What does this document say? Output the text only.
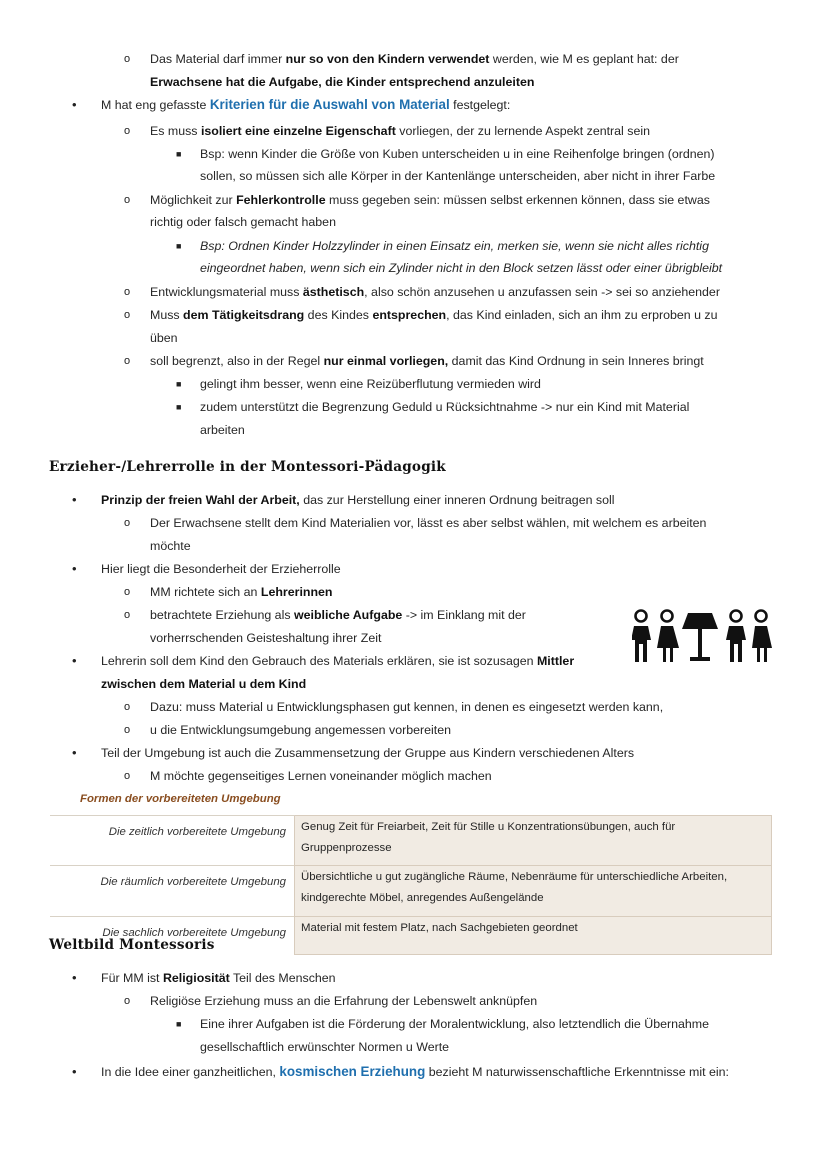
o Das Material darf immer nur so von den Kindern verwendet werden, wie M es geplant hat: der
Erwachsene hat die Aufgabe, die Kinder entsprechend anzuleiten
• M hat eng gefasste Kriterien für die Auswahl von Material festgelegt:
o Es muss isoliert eine einzelne Eigenschaft vorliegen, der zu lernende Aspekt zentral sein
■ Bsp: wenn Kinder die Größe von Kuben unterscheiden u in eine Reihenfolge bringen (ordnen)
sollen, so müssen sich alle Körper in der Kantenlänge unterscheiden, aber nicht in ihrer Farbe
o Möglichkeit zur Fehlerkontrolle muss gegeben sein: müssen selbst erkennen können, dass sie etwas
richtig oder falsch gemacht haben
■ Bsp: Ordnen Kinder Holzzylinder in einen Einsatz ein, merken sie, wenn sie nicht alles richtig
eingeordnet haben, wenn sich ein Zylinder nicht in den Block setzen lässt oder einer übrigbleibt
o Entwicklungsmaterial muss ästhetisch, also schön anzusehen u anzufassen sein -> sei so anziehender
o Muss dem Tätigkeitsdrang des Kindes entsprechen, das Kind einladen, sich an ihm zu erproben u zu
üben
o soll begrenzt, also in der Regel nur einmal vorliegen, damit das Kind Ordnung in sein Inneres bringt
■ gelingt ihm besser, wenn eine Reizüberflutung vermieden wird
■ zudem unterstützt die Begrenzung Geduld u Rücksichtnahme -> nur ein Kind mit Material
arbeiten
Erzieher-/Lehrerrolle in der Montessori-Pädagogik
• Prinzip der freien Wahl der Arbeit, das zur Herstellung einer inneren Ordnung beitragen soll
o Der Erwachsene stellt dem Kind Materialien vor, lässt es aber selbst wählen, mit welchem es arbeiten
möchte
• Hier liegt die Besonderheit der Erzieherrolle
o MM richtete sich an Lehrerinnen
o betrachtete Erziehung als weibliche Aufgabe -> im Einklang mit der
vorherrschenden Geisteshaltung ihrer Zeit
• Lehrerin soll dem Kind den Gebrauch des Materials erklären, sie ist sozusagen Mittler
zwischen dem Material u dem Kind
o Dazu: muss Material u Entwicklungsphasen gut kennen, in denen es eingesetzt werden kann,
o u die Entwicklungsumgebung angemessen vorbereiten
• Teil der Umgebung ist auch die Zusammensetzung der Gruppe aus Kindern verschiedenen Alters
o M möchte gegenseitiges Lernen voneinander möglich machen
Formen der vorbereiteten Umgebung
Die zeitlich vorbereitete Umgebung	Genug Zeit für Freiarbeit, Zeit für Stille u Konzentrationsübungen, auch für Gruppenprozesse
Die räumlich vorbereitete Umgebung	Übersichtliche u gut zugängliche Räume, Nebenräume für unterschiedliche Arbeiten, kindgerechte Möbel, anregendes Außengelände
Die sachlich vorbereitete Umgebung	Material mit festem Platz, nach Sachgebieten geordnet
Weltbild Montessoris
• Für MM ist Religiosität Teil des Menschen
o Religiöse Erziehung muss an die Erfahrung der Lebenswelt anknüpfen
■ Eine ihrer Aufgaben ist die Förderung der Moralentwicklung, also letztendlich die Übernahme
gesellschaftlich erwünschter Normen u Werte
• In die Idee einer ganzheitlichen, kosmischen Erziehung bezieht M naturwissenschaftliche Erkenntnisse mit ein:
